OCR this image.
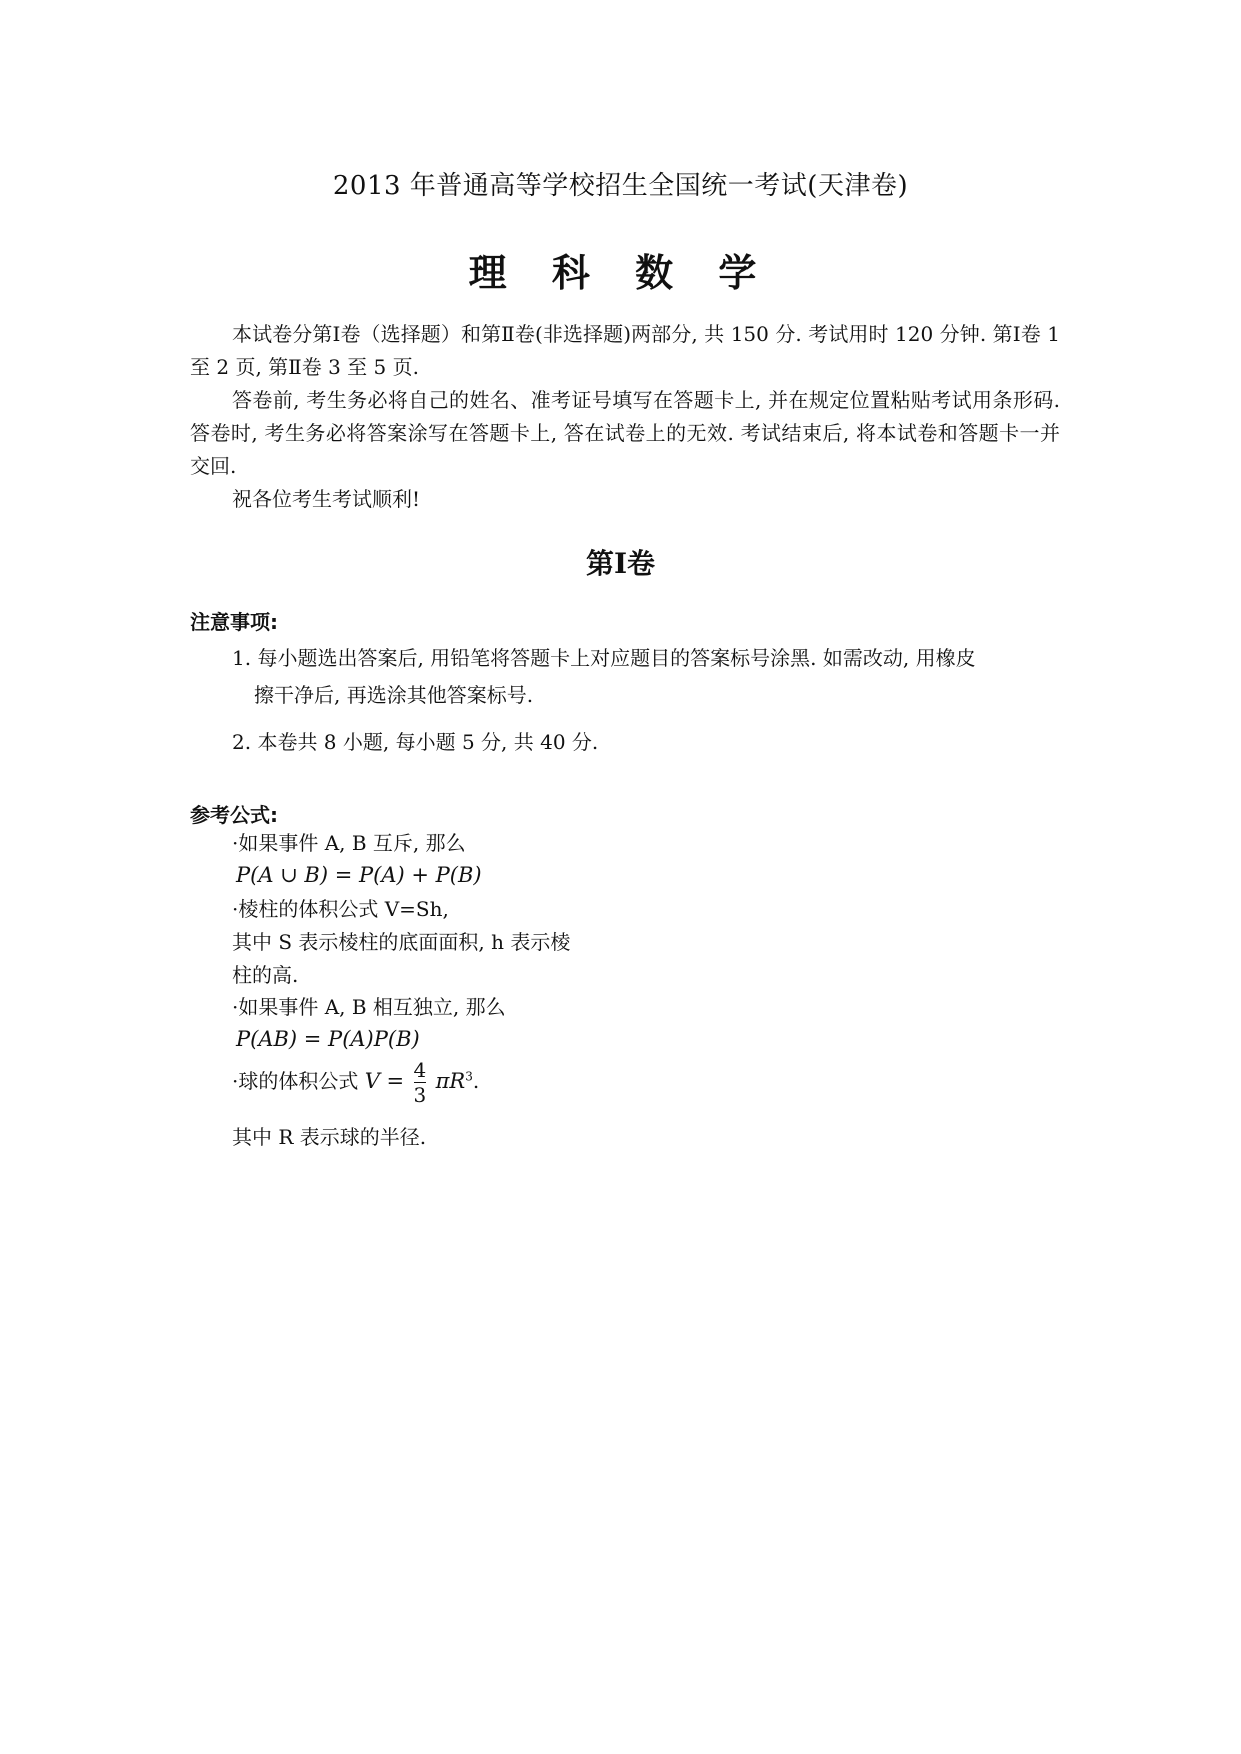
2013 年普通高等学校招生全国统一考试(天津卷)
理 科 数 学

本试卷分第Ⅰ卷（选择题）和第Ⅱ卷(非选择题)两部分, 共 150 分. 考试用时 120 分钟. 第Ⅰ卷 1 至 2 页, 第Ⅱ卷 3 至 5 页.

答卷前, 考生务必将自己的姓名、准考证号填写在答题卡上, 并在规定位置粘贴考试用条形码. 答卷时, 考生务必将答案涂写在答题卡上, 答在试卷上的无效. 考试结束后, 将本试卷和答题卡一并交回.

祝各位考生考试顺利!

第Ⅰ卷
注意事项:
1. 每小题选出答案后, 用铅笔将答题卡上对应题目的答案标号涂黑. 如需改动, 用橡皮
擦干净后, 再选涂其他答案标号.
2. 本卷共 8 小题, 每小题 5 分, 共 40 分.
参考公式:
·如果事件 A, B 互斥, 那么
P(A ∪ B) = P(A) + P(B)
·棱柱的体积公式 V=Sh,
其中 S 表示棱柱的底面面积, h 表示棱
柱的高.
·如果事件 A, B 相互独立, 那么
P(AB) = P(A)P(B)
·球的体积公式 $V = \frac{4}{3} \pi R^3$.
其中 R 表示球的半径.
